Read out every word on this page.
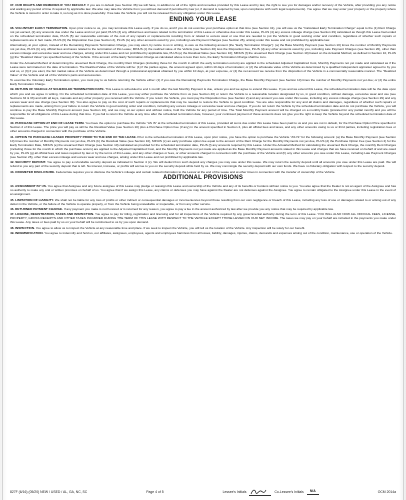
37. OUR RIGHTS AND REMEDIES IF YOU DEFAULT. If you are in default (see Section 36) we will have, in addition to all of the rights and remedies provided by this Lease and by law, the right to sue you for damages and/or recovery of the Vehicle, after providing you any notice and waiting any period of time if required by applicable law. We also may take the Vehicle from you without demand if permitted by law (or, if demand is required by law, upon compliance with such legal requirements). You agree that we may enter your property or the property where the Vehicle is stored in order to take it, so long as it is done peacefully. If we take the Vehicle you will not be released from any obligation under this Lease.

ENDING YOUR LEASE

38. VOLUNTARY EARLY TERMINATION. Upon prior notice to us, you may terminate this Lease early. If you do so, and if you do not exercise your purchase option at that time (see Section 41), you will owe us the "Calculated Early Termination Charge" equal to the (1) Rent Charge not yet earned, (2) any amounts due under the Lease and not yet paid; PLUS (3) any official fees and taxes related to the termination of this Lease or otherwise due under this Lease, PLUS (4) any excess mileage charge (see Section 29) calculated as though this Lease had ended on the scheduled termination date, PLUS (5) our reasonable estimate of the cost of any repairs or replacements resulting from or related to excess wear or use that are needed to put the Vehicle in good working order and condition, regardless of whether such repairs or replacements are in fact made, PLUS (6) the Disposition Fee (see Section 2), PLUS (iv) any other amounts owed by you, including Late Payment Charges (see Section 26), arising under this Lease and not prohibited by applicable law.

Alternatively, at your option, instead of the Remaining Payments Termination Charge, you may elect, by notice to us in writing, to owe us the following amount (the "Early Termination Charge"): (a) the Base Monthly Payment (see Section 10) times the number of Monthly Payments not yet due, PLUS (b) any official fees and taxes related to the termination of this Lease; MINUS (c) the realized value of the Vehicle (see Section 40) less the Disposition Fee, PLUS (d) any other amounts owed by you, including Late Payment Charges (see Section 26), other than excess mileage and excessive wear and use charges, arising under this Lease and not prohibited by applicable law, PLUS (e) the Residual Value (see Section 10); MINUS (f) the unearned Rent Charge (see Section 10) based on the Actuarial Method, as defined in Section 10, PLUS (g) the "Realized Value" (as specified below) of the Vehicle. If the amount of the Early Termination Charge as calculated above is less than zero, the Early Termination Charge shall be zero.

Under the Actuarial Method of determining the unearned Rent Charge, the monthly Rent Charges (including those for the month in which the early termination occurs) are applied to the scheduled Adjusted Capitalized Cost, Monthly Payments not yet made and calculated as if the Lease were terminated on the date of termination. The Realized Value of the Vehicle will be: (1) if the parties agree, the amount agreed upon, within 10 days of termination; or (2) the wholesale value of the Vehicle as determined by a qualified independent appraiser agreed to by you and us, or (3) if you elect, the fair market value of the Vehicle as determined through a professional appraisal obtained by you within 10 days, at your expense, or (4) the net amount we receive from the disposition of the Vehicle in a commercially reasonable manner. The "Realized Value" of the Vehicle and all of the Vehicle's parts and accessories.

To exercise the Voluntary Early Termination option, you must pay to us before returning the Vehicle either: (1) if you owe the Remaining Payments Termination Charge, the Base Monthly Payment (see Section 10) times the number of Monthly Payments not yet due; or (2) the entire Early Termination Charge.

39. RETURN OF VEHICLE AT SCHEDULED TERMINATION DATE. This Lease is scheduled to end 1 month after the last Monthly Payment is due, unless you and we agree to extend this Lease. If you and we extend this Lease, the scheduled termination date will be the date upon which you and we agree in writing. On the scheduled termination date of this Lease, you may either purchase the Vehicle from us (see Section 40) or return the Vehicle to a reasonable location designated by us, in good condition, without damage, excessive wear and use (see Sections 32 & 33) and with all keys, manuals and any other property you received with the Vehicle. If you return the Vehicle, you must pay the Disposition Fee (see Section 2) and any amount you owe under this Lease, including any excess mileage charge (see Section 29) and any excess wear and use charge (see Section 30). You also agree to pay us the cost of such repairs or replacements that may be needed to restore the Vehicle to good condition. You are also responsible for any and all claims and damages, regardless of whether such repairs or replacements are made, arising from your failure to return the Vehicle in good working order and condition, including any excess mileage or excessive wear and use charges. If you do not return the Vehicle by the scheduled termination date and do not purchase the Vehicle, you will continue to pay the Base Monthly Payment amount (see Section 10), and we may, at our option and without notice, hold the Vehicle for any period of time. The Total Monthly Payment amount will be charged on a monthly basis (prorated for any partial month) and you will be responsible for all obligations of this Lease during that time. If you fail to return the Vehicle at any time after the scheduled termination date, however, your continued payment of these amounts does not give you the right to keep the Vehicle beyond the scheduled termination date of this Lease.

40. PURCHASE OPTION AT END OF LEASE TERM. You have the option to purchase the Vehicle "AS IS" at the scheduled termination of this Lease, provided all sums due under this Lease have been paid to us and you are not in default, for the Purchase Option Price specified in Section 2 of this Lease. The price you will pay us will be the Residual Value (see Section 10) plus a Purchase Option Fee (if any) in the amount specified in Section 2, plus all official fees and taxes, and any other amounts owing to us or third parties, including registration fees or other amounts charged in connection with the purchase of the Vehicle.

41. OPTION TO PURCHASE LEASED PROPERTY PRIOR TO THE END OF THE LEASE. Prior to the scheduled termination of this Lease, upon prior notice, you have the option to purchase the Vehicle "AS IS" for the following amount: (a) the Base Monthly Payment (see Section 10) times the number of Monthly Payments not yet due, PLUS (b) the Residual Value (see Section 10), MINUS (c) an early purchase option fee equal to the amount of the Rent Charge for the Monthly Payments not yet due, PLUS (d) the Purchase Option Fee (see Section 2) for the Early Termination Date, MINUS (e) the unearned Rent Charge (see Section 10) calculated as provided for the scheduled termination date, PLUS (f) any amounts required by this Lease. Under the Actuarial Method for calculating the unearned Rent Charge, the monthly Rent Charges (including those for the month in which the purchase occurs) are applied to the Adjusted Capitalized Cost, and the Monthly Payments not yet made are applied as the Base Monthly Payment amounts stated in this Lease and charges that we have received on behalf of and are owed by you, PLUS (g) all official fees and taxes required by law or by the terms of this Lease, and any other charges or fees, or other amounts charged in connection with the purchase of the Vehicle and (h) any other amounts you owe under this Lease, including Late Payment Charges (see Section 26), other than excess mileage and excess wear and use charges, arising under this Lease and not prohibited by applicable law.

42. SECURITY DEPOSIT. You agree to pay a refundable security deposit as indicated in Section 4 (c). We will deduct from such deposit any charges you may owe under this Lease. We may return the security deposit until all amounts you owe under this Lease are paid. We will refund to you any part of the security deposit that is left. No interest, increase, or profits will accrue to you on the security deposit while held by us. We may commingle the security deposit with our own funds. We have no fiduciary obligation with respect to the security deposit.

43. ODOMETER DISCLOSURE. Federal law requires you to disclose the Vehicle's mileage and certain related information to the Lessor at the end of the Lease and at other times in connection with the transfer of ownership of the Vehicle.

ADDITIONAL PROVISIONS

44. ASSIGNMENT BY US. You agree that Assignee and any future assignee of this Lease may pledge or reassign this Lease and ownership of the Vehicle and any of its benefits or burdens without notice to you. You also agree that the Dealer is not an agent of the Assignee and has no authority to make any oral or written promises on behalf of us. You agree that if we assign this Lease, any claims or defenses you may have against the Dealer are not defenses against the Assignee. You agree to remain obligated to the Assignee under this Lease in the event of an assignment.

45. LIMITATION OF LIABILITY. We shall not be liable for any loss of profits or other indirect or consequential damages or inconveniences beyond those resulting from our own negligence or breach of this Lease, including any loss of use or damages related to or arising out of any defect in the Vehicle, or the failure of the Vehicle to operate properly, or from the Vehicle being unavailable or inoperable, or from any other service.

46. RETURNED PAYMENT CHARGE. If any payment you make is not honored or is returned for any reason, you agree to pay a fee in the amount authorized by law after we provide you any notice that may be required by applicable law.

47. LICENSE, REGISTRATION, TAXES AND INSPECTION. You agree to pay for titling, registration and licensing and for all inspections of the Vehicle required by any governmental authority during the term of this Lease. YOU WILL ALSO NOW ALL OFFICIAL FEES, LICENSE, PROPERTY, GROSS RECEIPTS AND OTHER TAXES INCURRED DURING THE TERM OF THIS LEASE WITH RESPECT TO THE VEHICLE EXCEPT THOSE LEVIED ON OUR NET INCOME. The taxes we may pay on your behalf are included in the payments you make under this Lease. Any taxes or fees paid by us on your behalf will be reimbursed to us by you upon demand.

48. INSPECTION. You agree to allow us to inspect the Vehicle at any reasonable time and place. If we seek to inspect the Vehicle, you will tell us the location of the Vehicle. Any inspection will be solely for our benefit.

49. INDEMNIFICATION. You agree to indemnify and hold us, our affiliates, assignees, employees, agents and employees harmless from all losses, liability, damages, injuries, claims, demands and expenses arising out of the condition, maintenance, use or operation of the Vehicle.

827F (6/16) (05/20) NEW / USED / AL, GA, NC, SC	Page 4 of 5	Lessee's Initials	Co-Lessee's Initials	N/A	OCM 2014a
